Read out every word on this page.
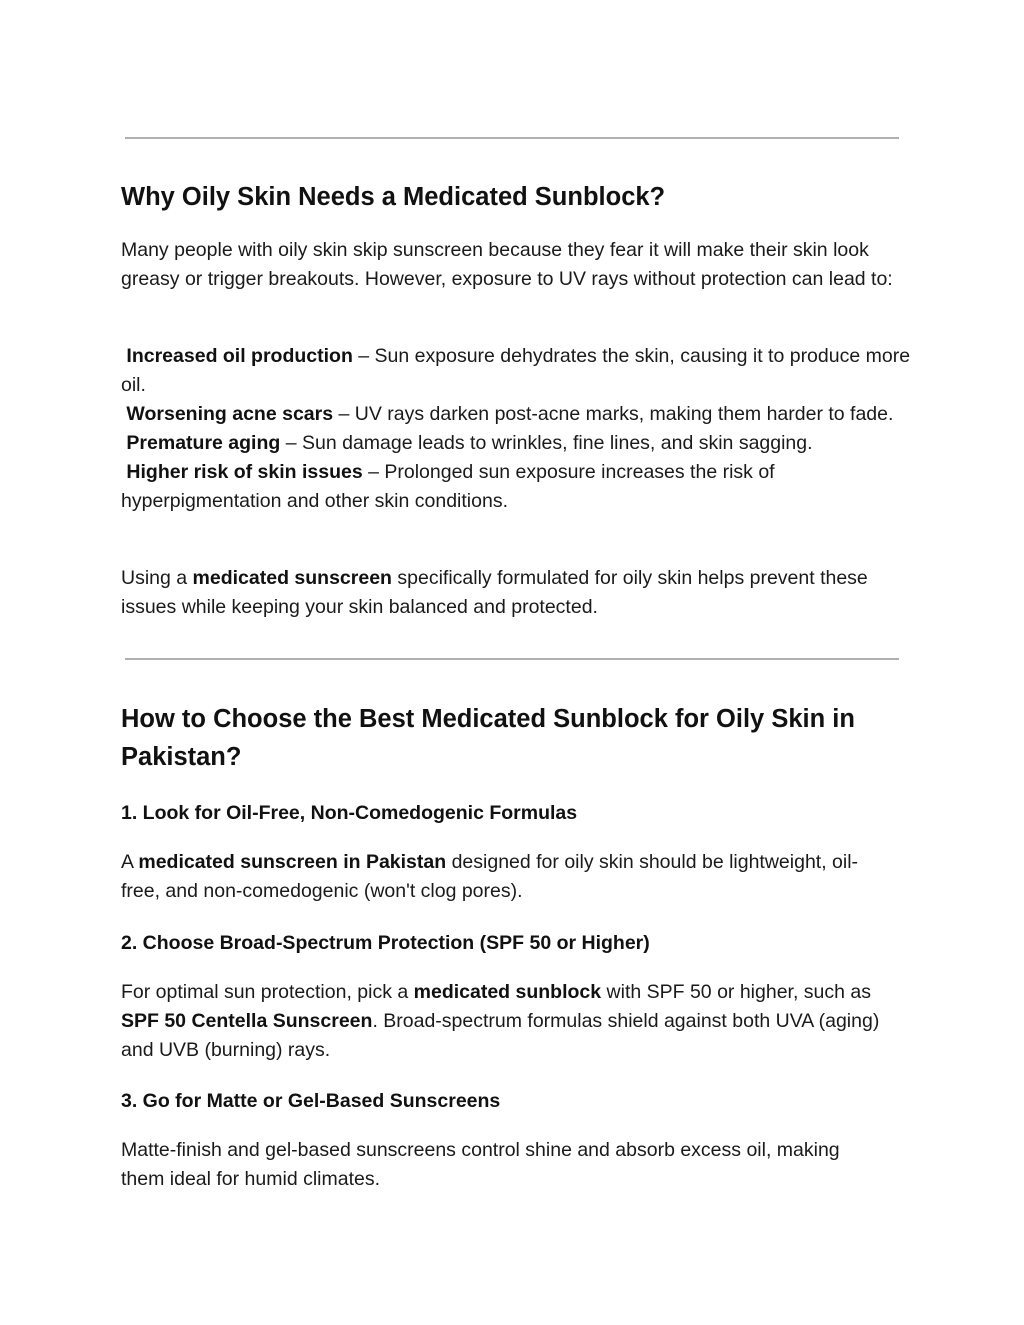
Why Oily Skin Needs a Medicated Sunblock?

Many people with oily skin skip sunscreen because they fear it will make their skin look greasy or trigger breakouts. However, exposure to UV rays without protection can lead to:

Increased oil production – Sun exposure dehydrates the skin, causing it to produce more oil.
Worsening acne scars – UV rays darken post-acne marks, making them harder to fade.
Premature aging – Sun damage leads to wrinkles, fine lines, and skin sagging.
Higher risk of skin issues – Prolonged sun exposure increases the risk of hyperpigmentation and other skin conditions.

Using a medicated sunscreen specifically formulated for oily skin helps prevent these issues while keeping your skin balanced and protected.

How to Choose the Best Medicated Sunblock for Oily Skin in Pakistan?
1. Look for Oil-Free, Non-Comedogenic Formulas

A medicated sunscreen in Pakistan designed for oily skin should be lightweight, oil-free, and non-comedogenic (won't clog pores).

2. Choose Broad-Spectrum Protection (SPF 50 or Higher)

For optimal sun protection, pick a medicated sunblock with SPF 50 or higher, such as SPF 50 Centella Sunscreen. Broad-spectrum formulas shield against both UVA (aging) and UVB (burning) rays.

3. Go for Matte or Gel-Based Sunscreens

Matte-finish and gel-based sunscreens control shine and absorb excess oil, making them ideal for humid climates.
